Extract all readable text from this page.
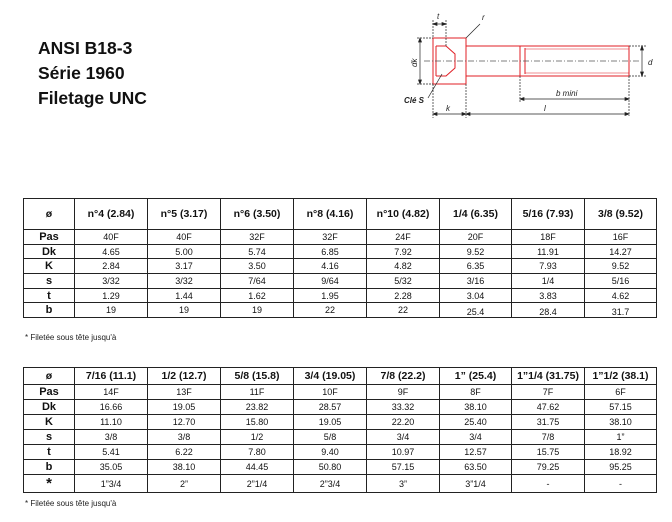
ANSI B18-3
Série 1960
Filetage UNC
t	r
dk	d
Clé S
b mini
k	l
ø	n°4 (2.84)	n°5 (3.17)	n°6 (3.50)	n°8 (4.16)	n°10 (4.82)	1/4 (6.35)	5/16 (7.93)	3/8 (9.52)
Pas	40F	40F	32F	32F	24F	20F	18F	16F
Dk	4.65	5.00	5.74	6.85	7.92	9.52	11.91	14.27
K	2.84	3.17	3.50	4.16	4.82	6.35	7.93	9.52
s	3/32	3/32	7/64	9/64	5/32	3/16	1/4	5/16
t	1.29	1.44	1.62	1.95	2.28	3.04	3.83	4.62
b	19	19	19	22	22	25.4	28.4	31.7
* Filetée sous tête jusqu'à
ø	7/16 (11.1)	1/2 (12.7)	5/8 (15.8)	3/4 (19.05)	7/8 (22.2)	1” (25.4)	1”1/4 (31.75)	1”1/2 (38.1)
Pas	14F	13F	11F	10F	9F	8F	7F	6F
Dk	16.66	19.05	23.82	28.57	33.32	38.10	47.62	57.15
K	11.10	12.70	15.80	19.05	22.20	25.40	31.75	38.10
s	3/8	3/8	1/2	5/8	3/4	3/4	7/8	1”
t	5.41	6.22	7.80	9.40	10.97	12.57	15.75	18.92
b	35.05	38.10	44.45	50.80	57.15	63.50	79.25	95.25
*	1”3/4	2”	2”1/4	2”3/4	3”	3”1/4	-	-
* Filetée sous tête jusqu'à
